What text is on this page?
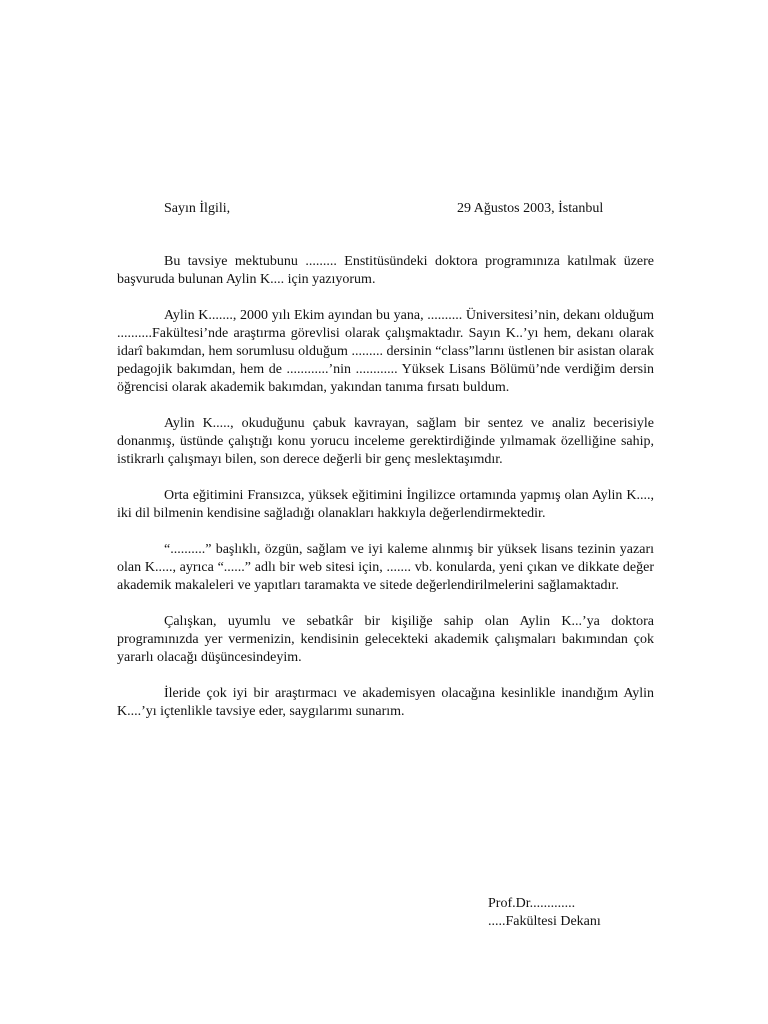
Sayın İlgili,	29 Ağustos 2003, İstanbul

Bu tavsiye mektubunu ......... Enstitüsündeki doktora programınıza katılmak üzere başvuruda bulunan Aylin K.... için yazıyorum.

Aylin K......., 2000 yılı Ekim ayından bu yana, .......... Üniversitesi’nin, dekanı olduğum ..........Fakültesi’nde araştırma görevlisi olarak çalışmaktadır. Sayın K..’yı hem, dekanı olarak idarî bakımdan, hem sorumlusu olduğum ......... dersinin “class”larını üstlenen bir asistan olarak pedagojik bakımdan, hem de ............’nin ............ Yüksek Lisans Bölümü’nde verdiğim dersin öğrencisi olarak akademik bakımdan, yakından tanıma fırsatı buldum.

Aylin K....., okuduğunu çabuk kavrayan, sağlam bir sentez ve analiz becerisiyle donanmış, üstünde çalıştığı konu yorucu inceleme gerektirdiğinde yılmamak özelliğine sahip, istikrarlı çalışmayı bilen, son derece değerli bir genç meslektaşımdır.

Orta eğitimini Fransızca, yüksek eğitimini İngilizce ortamında yapmış olan Aylin K...., iki dil bilmenin kendisine sağladığı olanakları hakkıyla değerlendirmektedir.

“..........” başlıklı, özgün, sağlam ve iyi kaleme alınmış bir yüksek lisans tezinin yazarı olan K....., ayrıca “......” adlı bir web sitesi için, ....... vb. konularda, yeni çıkan ve dikkate değer akademik makaleleri ve yapıtları taramakta ve sitede değerlendirilmelerini sağlamaktadır.

Çalışkan, uyumlu ve sebatkâr bir kişiliğe sahip olan Aylin K...’ya doktora programınızda yer vermenizin, kendisinin gelecekteki akademik çalışmaları bakımından çok yararlı olacağı düşüncesindeyim.

İleride çok iyi bir araştırmacı ve akademisyen olacağına kesinlikle inandığım Aylin K....’yı içtenlikle tavsiye eder, saygılarımı sunarım.

Prof.Dr.............
.....Fakültesi Dekanı
